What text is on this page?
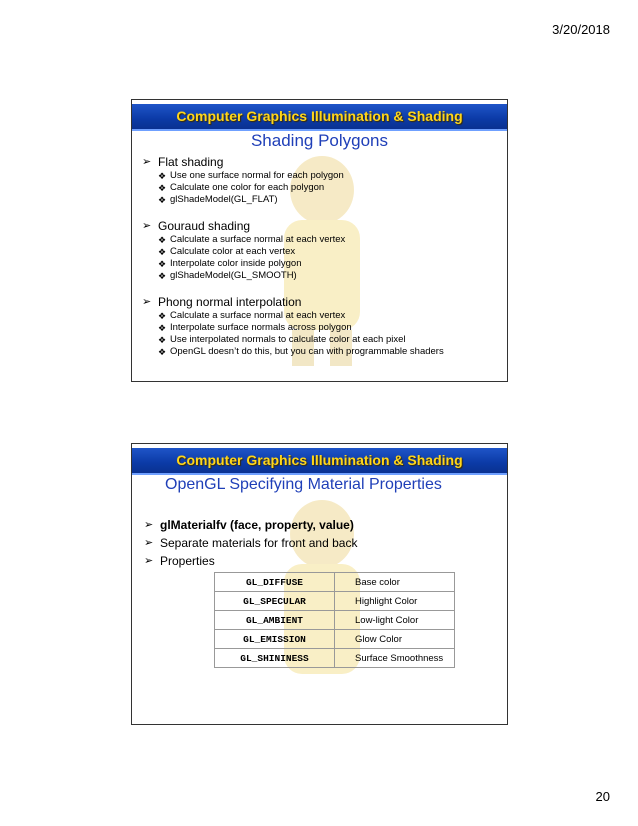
3/20/2018
Computer Graphics Illumination & Shading
Shading Polygons
➢ Flat shading
❖ Use one surface normal for each polygon
❖ Calculate one color for each polygon
❖ glShadeModel(GL_FLAT)
➢ Gouraud shading
❖ Calculate a surface normal at each vertex
❖ Calculate color at each vertex
❖ Interpolate color inside polygon
❖ glShadeModel(GL_SMOOTH)
➢ Phong normal interpolation
❖ Calculate a surface normal at each vertex
❖ Interpolate surface normals across polygon
❖ Use interpolated normals to calculate color at each pixel
❖ OpenGL doesn’t do this, but you can with programmable shaders
Computer Graphics Illumination & Shading
OpenGL Specifying Material Properties
➢ glMaterialfv (face, property, value)
➢ Separate materials for front and back
➢ Properties
GL_DIFFUSE	Base color
GL_SPECULAR	Highlight Color
GL_AMBIENT	Low-light Color
GL_EMISSION	Glow Color
GL_SHININESS	Surface Smoothness
20
